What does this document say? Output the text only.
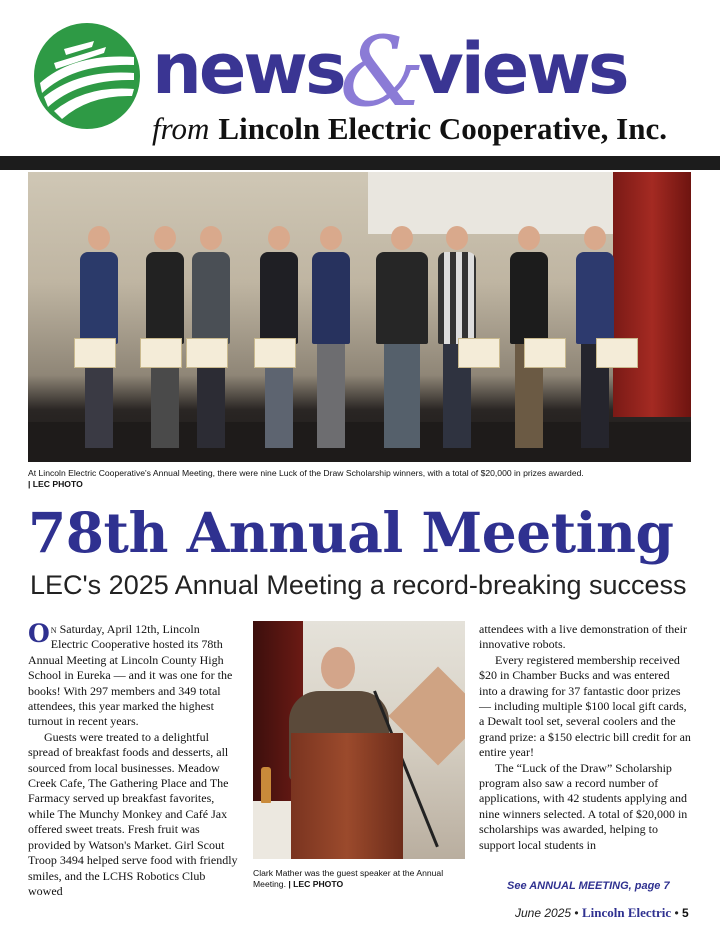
news&views
from Lincoln Electric Cooperative, Inc.
At Lincoln Electric Cooperative's Annual Meeting, there were nine Luck of the Draw Scholarship winners, with a total of $20,000 in prizes awarded.
| LEC PHOTO
78th Annual Meeting
LEC's 2025 Annual Meeting a record-breaking success

On Saturday, April 12th, Lincoln Electric Cooperative hosted its 78th Annual Meeting at Lincoln County High School in Eureka — and it was one for the books! With 297 members and 349 total attendees, this year marked the highest turnout in recent years.

Guests were treated to a delightful spread of breakfast foods and desserts, all sourced from local businesses. Meadow Creek Cafe, The Gathering Place and The Farmacy served up breakfast favorites, while The Munchy Monkey and Café Jax offered sweet treats. Fresh fruit was provided by Watson's Market. Girl Scout Troop 3494 helped serve food with friendly smiles, and the LCHS Robotics Club wowed

Clark Mather was the guest speaker at the Annual Meeting. | LEC PHOTO

attendees with a live demonstration of their innovative robots.

Every registered membership received $20 in Chamber Bucks and was entered into a drawing for 37 fantastic door prizes — including multiple $100 local gift cards, a Dewalt tool set, several coolers and the grand prize: a $150 electric bill credit for an entire year!

The “Luck of the Draw” Scholarship program also saw a record number of applications, with 42 students applying and nine winners selected. A total of $20,000 in scholarships was awarded, helping to support local students in

See ANNUAL MEETING, page 7
June 2025 • Lincoln Electric • 5
